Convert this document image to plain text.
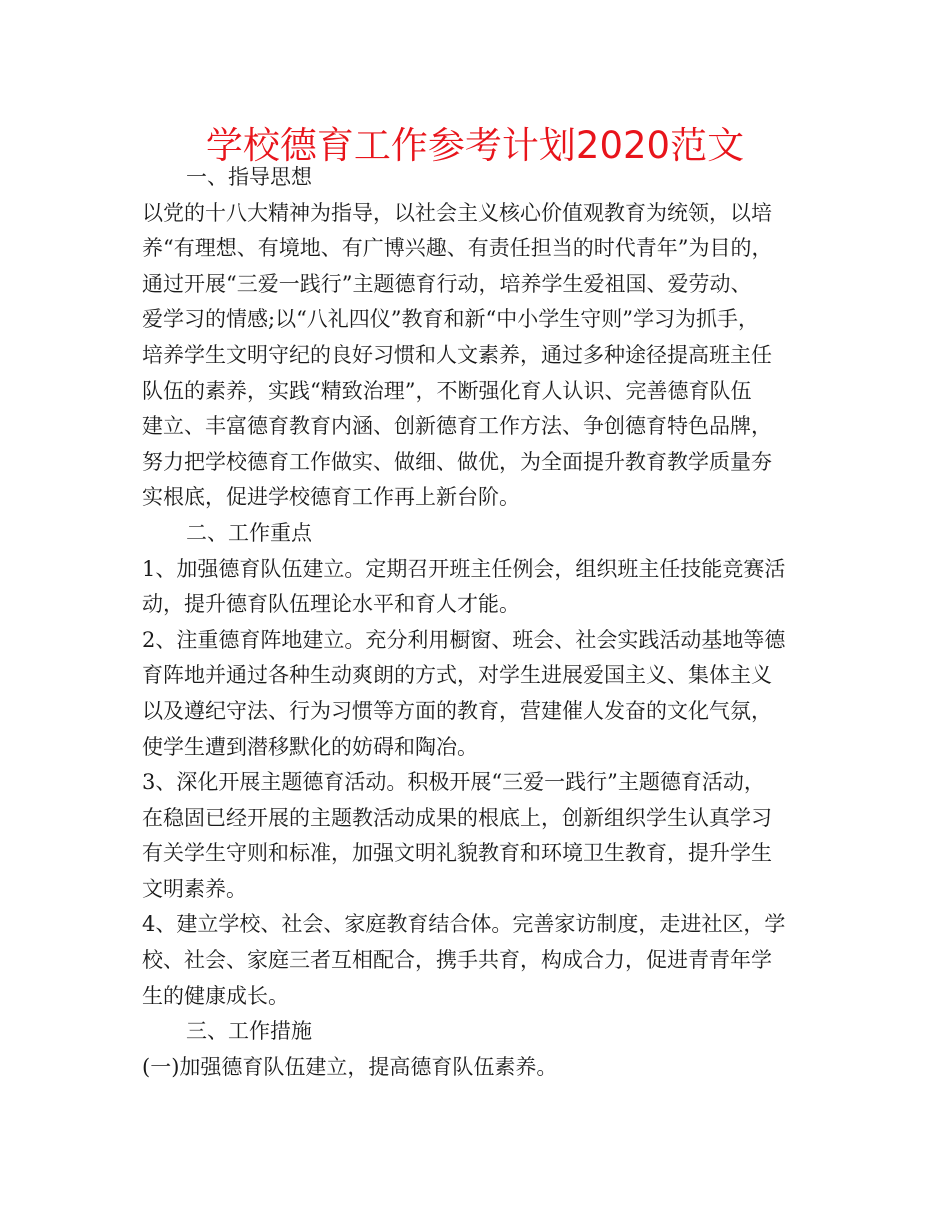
学校德育工作参考计划2020范文
一、指导思想
以党的十八大精神为指导，以社会主义核心价值观教育为统领，以培
养“有理想、有境地、有广博兴趣、有责任担当的时代青年”为目的，
通过开展“三爱一践行”主题德育行动，培养学生爱祖国、爱劳动、
爱学习的情感;以“八礼四仪”教育和新“中小学生守则”学习为抓手，
培养学生文明守纪的良好习惯和人文素养，通过多种途径提高班主任
队伍的素养，实践“精致治理”，不断强化育人认识、完善德育队伍
建立、丰富德育教育内涵、创新德育工作方法、争创德育特色品牌，
努力把学校德育工作做实、做细、做优，为全面提升教育教学质量夯
实根底，促进学校德育工作再上新台阶。
二、工作重点
1、加强德育队伍建立。定期召开班主任例会，组织班主任技能竞赛活
动，提升德育队伍理论水平和育人才能。
2、注重德育阵地建立。充分利用橱窗、班会、社会实践活动基地等德
育阵地并通过各种生动爽朗的方式，对学生进展爱国主义、集体主义
以及遵纪守法、行为习惯等方面的教育，营建催人发奋的文化气氛，
使学生遭到潜移默化的妨碍和陶冶。
3、深化开展主题德育活动。积极开展“三爱一践行”主题德育活动，
在稳固已经开展的主题教活动成果的根底上，创新组织学生认真学习
有关学生守则和标准，加强文明礼貌教育和环境卫生教育，提升学生
文明素养。
4、建立学校、社会、家庭教育结合体。完善家访制度，走进社区，学
校、社会、家庭三者互相配合，携手共育，构成合力，促进青青年学
生的健康成长。
三、工作措施
(一)加强德育队伍建立，提高德育队伍素养。
